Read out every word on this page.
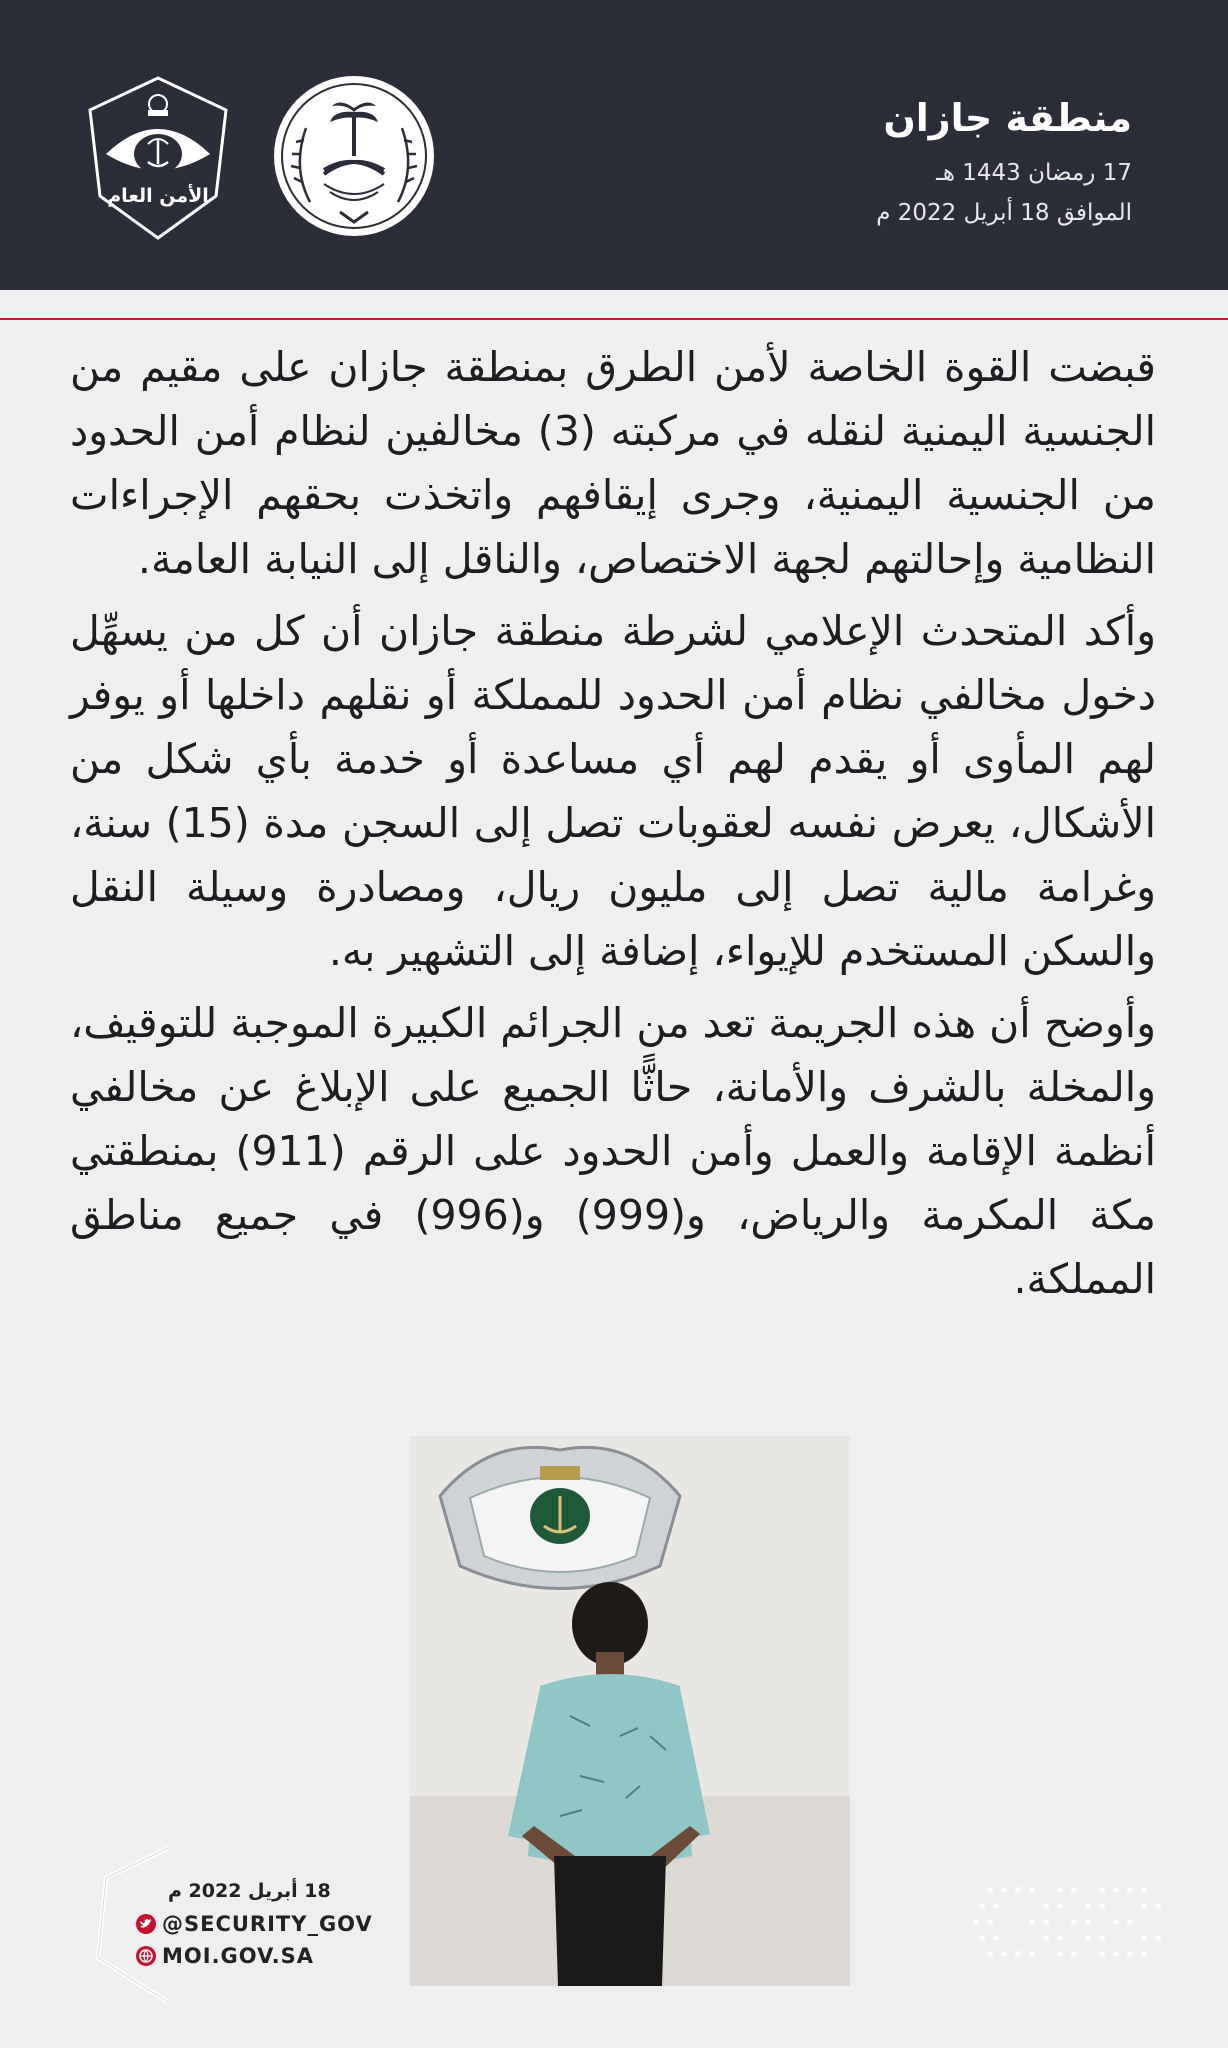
الأمن العام
منطقة جازان
17 رمضان 1443 هـ
الموافق 18 أبريل 2022 م

قبضت القوة الخاصة لأمن الطرق بمنطقة جازان على مقيم من الجنسية اليمنية لنقله في مركبته (3) مخالفين لنظام أمن الحدود من الجنسية اليمنية، وجرى إيقافهم واتخذت بحقهم الإجراءات النظامية وإحالتهم لجهة الاختصاص، والناقل إلى النيابة العامة.

وأكد المتحدث الإعلامي لشرطة منطقة جازان أن كل من يسهِّل دخول مخالفي نظام أمن الحدود للمملكة أو نقلهم داخلها أو يوفر لهم المأوى أو يقدم لهم أي مساعدة أو خدمة بأي شكل من الأشكال، يعرض نفسه لعقوبات تصل إلى السجن مدة (15) سنة، وغرامة مالية تصل إلى مليون ريال، ومصادرة وسيلة النقل والسكن المستخدم للإيواء، إضافة إلى التشهير به.

وأوضح أن هذه الجريمة تعد من الجرائم الكبيرة الموجبة للتوقيف، والمخلة بالشرف والأمانة، حاثًّا الجميع على الإبلاغ عن مخالفي أنظمة الإقامة والعمل وأمن الحدود على الرقم (911) بمنطقتي مكة المكرمة والرياض، و(999) و(996) في جميع مناطق المملكة.

18 أبريل 2022 م
@SECURITY_GOV
MOI.GOV.SA
